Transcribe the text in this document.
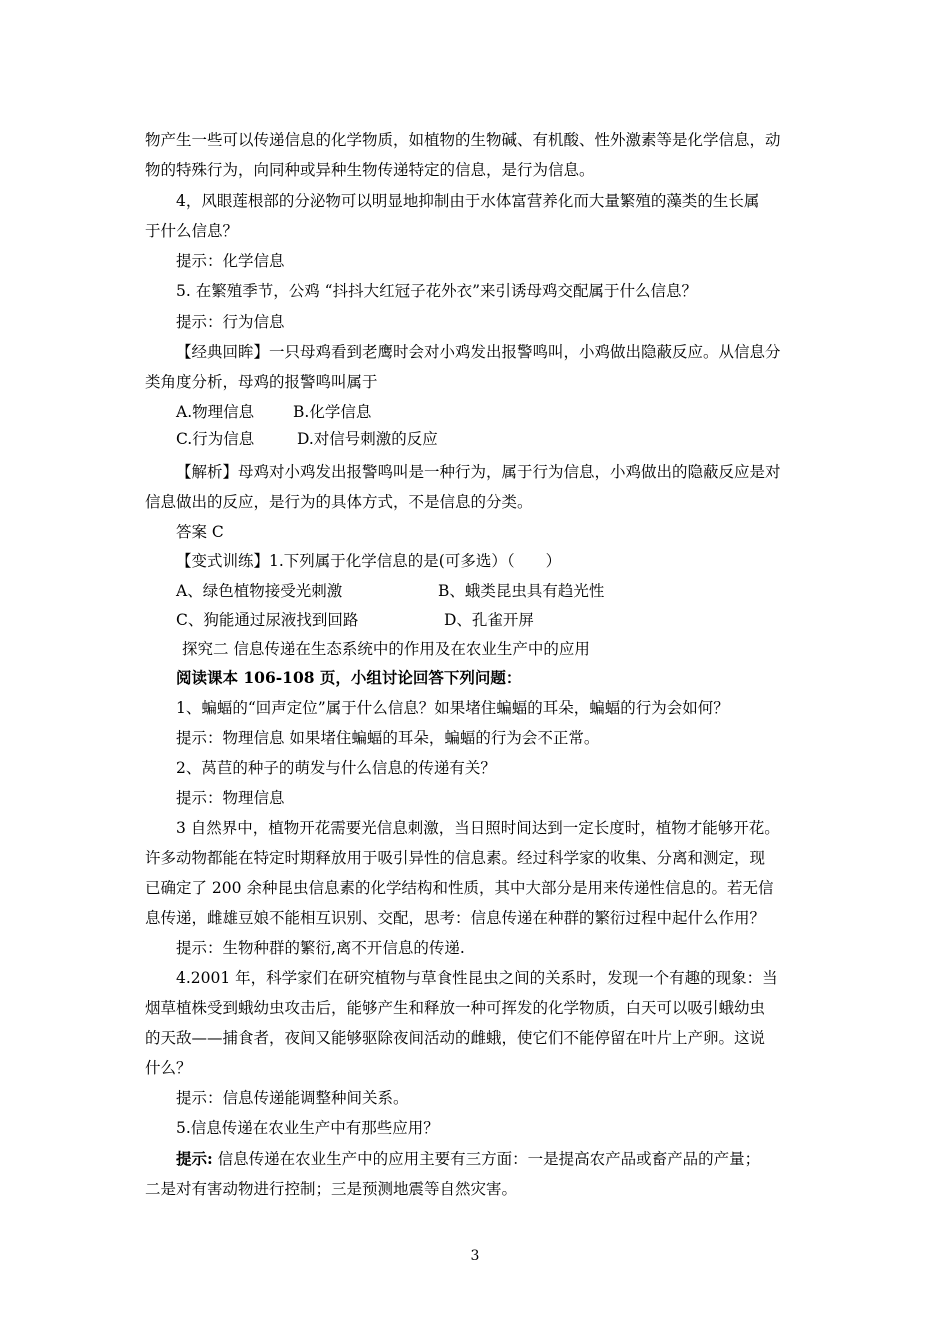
物产生一些可以传递信息的化学物质，如植物的生物碱、有机酸、性外激素等是化学信息，动
物的特殊行为，向同种或异种生物传递特定的信息，是行为信息。
4，风眼莲根部的分泌物可以明显地抑制由于水体富营养化而大量繁殖的藻类的生长属
于什么信息？
提示：化学信息
5. 在繁殖季节，公鸡 “抖抖大红冠子花外衣”来引诱母鸡交配属于什么信息？
提示：行为信息
【经典回眸】一只母鸡看到老鹰时会对小鸡发出报警鸣叫，小鸡做出隐蔽反应。从信息分
类角度分析，母鸡的报警鸣叫属于
A.物理信息	B.化学信息
C.行为信息	D.对信号刺激的反应
【解析】母鸡对小鸡发出报警鸣叫是一种行为，属于行为信息，小鸡做出的隐蔽反应是对
信息做出的反应，是行为的具体方式，不是信息的分类。
答案 C
【变式训练】1.下列属于化学信息的是(可多选）（　　）
A、绿色植物接受光刺激	B、蛾类昆虫具有趋光性
C、狗能通过尿液找到回路	D、孔雀开屏
探究二 信息传递在生态系统中的作用及在农业生产中的应用
阅读课本 106-108 页，小组讨论回答下列问题：
1、蝙蝠的“回声定位”属于什么信息？如果堵住蝙蝠的耳朵，蝙蝠的行为会如何？
提示：物理信息 如果堵住蝙蝠的耳朵，蝙蝠的行为会不正常。
2、莴苣的种子的萌发与什么信息的传递有关？
提示：物理信息
3 自然界中，植物开花需要光信息刺激，当日照时间达到一定长度时，植物才能够开花。
许多动物都能在特定时期释放用于吸引异性的信息素。经过科学家的收集、分离和测定，现
已确定了 200 余种昆虫信息素的化学结构和性质，其中大部分是用来传递性信息的。若无信
息传递，雌雄豆娘不能相互识别、交配，思考：信息传递在种群的繁衍过程中起什么作用？
提示：生物种群的繁衍,离不开信息的传递.
4.2001 年，科学家们在研究植物与草食性昆虫之间的关系时，发现一个有趣的现象：当
烟草植株受到蛾幼虫攻击后，能够产生和释放一种可挥发的化学物质，白天可以吸引蛾幼虫
的天敌——捕食者，夜间又能够驱除夜间活动的雌蛾，使它们不能停留在叶片上产卵。这说
什么？
提示：信息传递能调整种间关系。
5.信息传递在农业生产中有那些应用？
提示: 信息传递在农业生产中的应用主要有三方面：一是提高农产品或畜产品的产量；
二是对有害动物进行控制；三是预测地震等自然灾害。
3
